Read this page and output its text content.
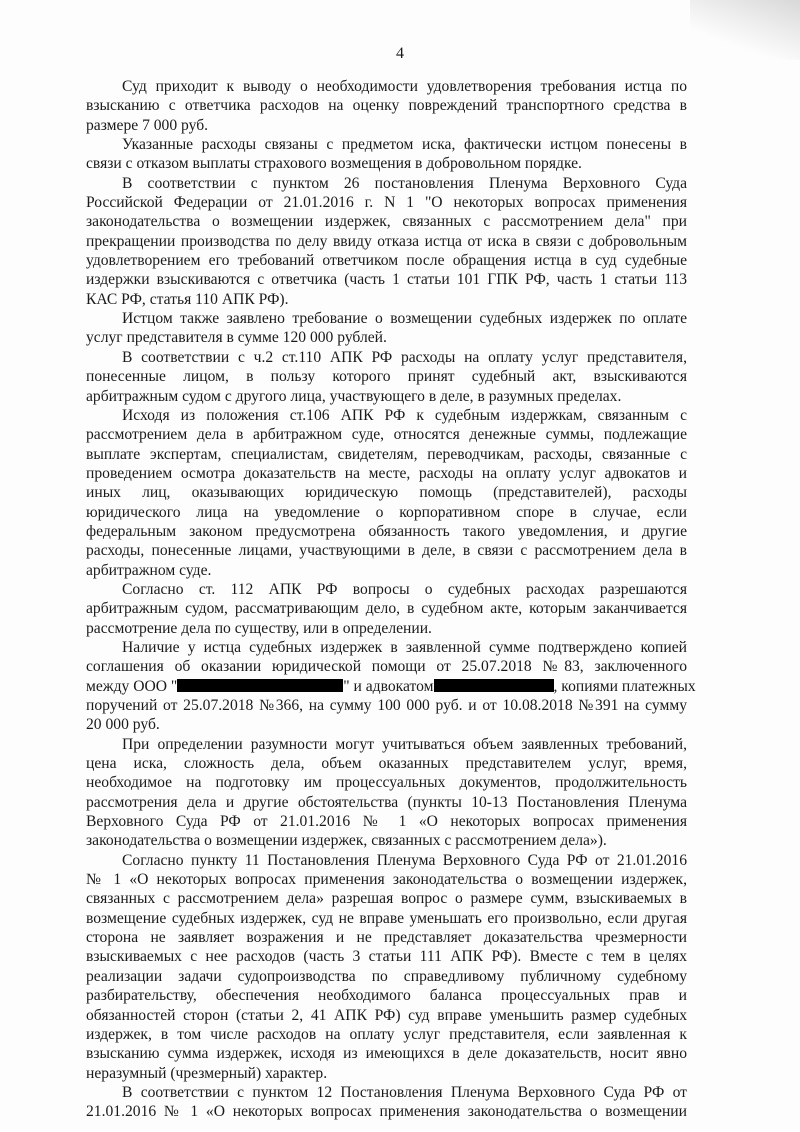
4
Суд приходит к выводу о необходимости удовлетворения требования истца по
взысканию с ответчика расходов на оценку повреждений транспортного средства в
размере 7 000 руб.
Указанные расходы связаны с предметом иска, фактически истцом понесены в
связи с отказом выплаты страхового возмещения в добровольном порядке.
В соответствии с пунктом 26 постановления Пленума Верховного Суда
Российской Федерации от 21.01.2016 г. N 1 "О некоторых вопросах применения
законодательства о возмещении издержек, связанных с рассмотрением дела" при
прекращении производства по делу ввиду отказа истца от иска в связи с добровольным
удовлетворением его требований ответчиком после обращения истца в суд судебные
издержки взыскиваются с ответчика (часть 1 статьи 101 ГПК РФ, часть 1 статьи 113
КАС РФ, статья 110 АПК РФ).
Истцом также заявлено требование о возмещении судебных издержек по оплате
услуг представителя в сумме 120 000 рублей.
В соответствии с ч.2 ст.110 АПК РФ расходы на оплату услуг представителя,
понесенные лицом, в пользу которого принят судебный акт, взыскиваются
арбитражным судом с другого лица, участвующего в деле, в разумных пределах.
Исходя из положения ст.106 АПК РФ к судебным издержкам, связанным с
рассмотрением дела в арбитражном суде, относятся денежные суммы, подлежащие
выплате экспертам, специалистам, свидетелям, переводчикам, расходы, связанные с
проведением осмотра доказательств на месте, расходы на оплату услуг адвокатов и
иных лиц, оказывающих юридическую помощь (представителей), расходы
юридического лица на уведомление о корпоративном споре в случае, если
федеральным законом предусмотрена обязанность такого уведомления, и другие
расходы, понесенные лицами, участвующими в деле, в связи с рассмотрением дела в
арбитражном суде.
Согласно ст. 112 АПК РФ вопросы о судебных расходах разрешаются
арбитражным судом, рассматривающим дело, в судебном акте, которым заканчивается
рассмотрение дела по существу, или в определении.
Наличие у истца судебных издержек в заявленной сумме подтверждено копией
соглашения об оказании юридической помощи от 25.07.2018 №83, заключенного
между ООО "	" и адвокатом	, копиями платежных
поручений от 25.07.2018 №366, на сумму 100 000 руб. и от 10.08.2018 №391 на сумму
20 000 руб.
При определении разумности могут учитываться объем заявленных требований,
цена иска, сложность дела, объем оказанных представителем услуг, время,
необходимое на подготовку им процессуальных документов, продолжительность
рассмотрения дела и другие обстоятельства (пункты 10-13 Постановления Пленума
Верховного Суда РФ от 21.01.2016 № 1 «О некоторых вопросах применения
законодательства о возмещении издержек, связанных с рассмотрением дела»).
Согласно пункту 11 Постановления Пленума Верховного Суда РФ от 21.01.2016
№ 1 «О некоторых вопросах применения законодательства о возмещении издержек,
связанных с рассмотрением дела» разрешая вопрос о размере сумм, взыскиваемых в
возмещение судебных издержек, суд не вправе уменьшать его произвольно, если другая
сторона не заявляет возражения и не представляет доказательства чрезмерности
взыскиваемых с нее расходов (часть 3 статьи 111 АПК РФ). Вместе с тем в целях
реализации задачи судопроизводства по справедливому публичному судебному
разбирательству, обеспечения необходимого баланса процессуальных прав и
обязанностей сторон (статьи 2, 41 АПК РФ) суд вправе уменьшить размер судебных
издержек, в том числе расходов на оплату услуг представителя, если заявленная к
взысканию сумма издержек, исходя из имеющихся в деле доказательств, носит явно
неразумный (чрезмерный) характер.
В соответствии с пунктом 12 Постановления Пленума Верховного Суда РФ от
21.01.2016 № 1 «О некоторых вопросах применения законодательства о возмещении
